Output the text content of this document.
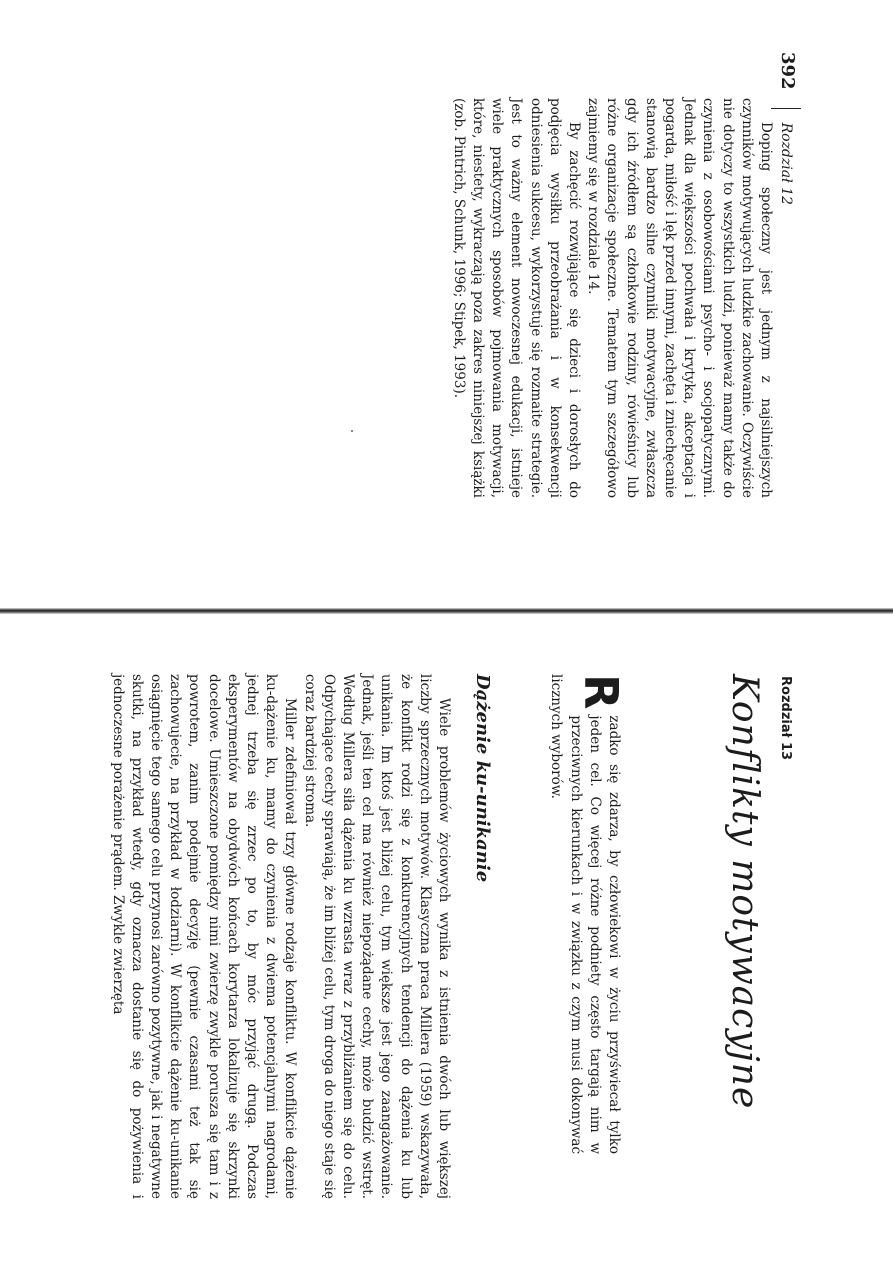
392Rozdział 12

Doping społeczny jest jednym z najsilniejszych czynników motywujących ludzkie zachowanie. Oczywiście nie dotyczy to wszystkich ludzi, ponieważ mamy także do czynienia z osobowościami psycho- i socjopatycznymi. Jednak dla większości pochwała i krytyka, akceptacja i pogarda, miłość i lęk przed innymi, zachęta i zniechęcanie stanowią bardzo silne czynniki motywacyjne, zwłaszcza gdy ich źródłem są członkowie rodziny, rówieśnicy lub różne organizacje społeczne. Tematem tym szczegółowo zajmiemy się w rozdziale 14.

By zachęcić rozwijające się dzieci i dorosłych do podjęcia wysiłku przeobrażania i w konsekwencji odniesienia sukcesu, wykorzystuje się rozmaite strategie. Jest to ważny element nowoczesnej edukacji, istnieje wiele praktycznych sposobów pojmowania motywacji, które, niestety, wykraczają poza zakres niniejszej książki (zob. Pintrich, Schunk, 1996; Stipek, 1993).

Rozdział 13
Konflikty motywacyjne
R

zadko się zdarza, by człowiekowi w życiu przyświecał tylko jeden cel. Co więcej różne podniety często targają nim w przeciwnych kierunkach i w związku z czym musi dokonywać licznych wyborów.

Dążenie ku-unikanie

Wiele problemów życiowych wynika z istnienia dwóch lub większej liczby sprzecznych motywów. Klasyczna praca Millera (1959) wskazywała, że konflikt rodzi się z konkurencyjnych tendencji do dążenia ku lub unikania. Im ktoś jest bliżej celu, tym większe jest jego zaangażowanie. Jednak, jeśli ten cel ma również niepożądane cechy, może budzić wstręt. Według Millera siła dążenia ku wzrasta wraz z przybliżaniem się do celu. Odpychające cechy sprawiają, że im bliżej celu, tym droga do niego staje się coraz bardziej stroma.

Miller zdefiniował trzy główne rodzaje konfliktu. W konflikcie dążenie ku-dążenie ku, mamy do czynienia z dwiema potencjalnymi nagrodami, jednej trzeba się zrzec po to, by móc przyjąć drugą. Podczas eksperymentów na obydwóch końcach korytarza lokalizuje się skrzynki docelowe. Umieszczone pomiędzy nimi zwierzę zwykle porusza się tam i z powrotem, zanim podejmie decyzję (pewnie czasami też tak się zachowujecie, na przykład w łodziarni). W konflikcie dążenie ku-unikanie osiągnięcie tego samego celu przynosi zarówno pozytywne, jak i negatywne skutki, na przykład wtedy, gdy oznacza dostanie się do pożywienia i jednoczesne porażenie prądem. Zwykle zwierzęta
